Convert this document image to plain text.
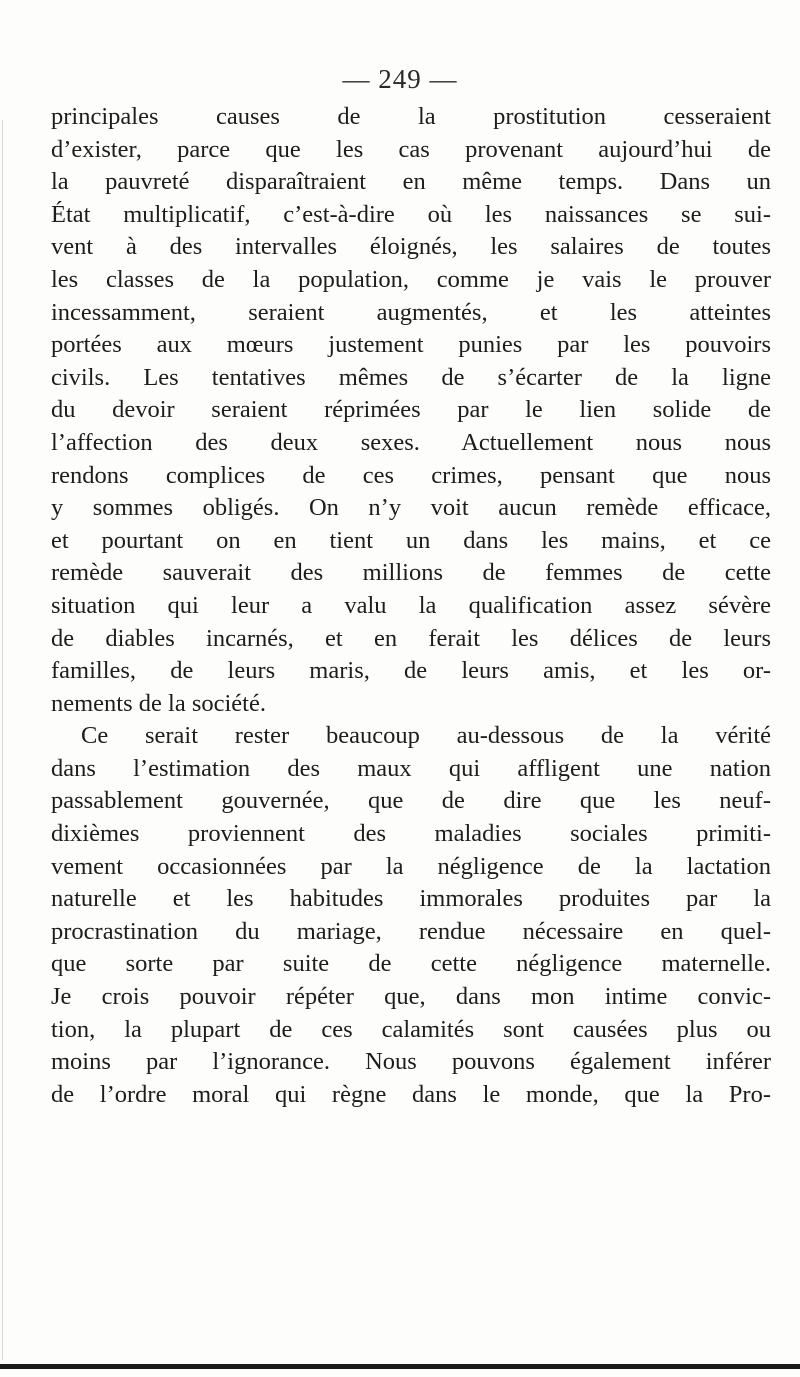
— 249 —
principales causes de la prostitution cesseraient
d’exister, parce que les cas provenant aujourd’hui de
la pauvreté disparaîtraient en même temps. Dans un
État multiplicatif, c’est-à-dire où les naissances se sui-
vent à des intervalles éloignés, les salaires de toutes
les classes de la population, comme je vais le prouver
incessamment, seraient augmentés, et les atteintes
portées aux mœurs justement punies par les pouvoirs
civils. Les tentatives mêmes de s’écarter de la ligne
du devoir seraient réprimées par le lien solide de
l’affection des deux sexes. Actuellement nous nous
rendons complices de ces crimes, pensant que nous
y sommes obligés. On n’y voit aucun remède efficace,
et pourtant on en tient un dans les mains, et ce
remède sauverait des millions de femmes de cette
situation qui leur a valu la qualification assez sévère
de diables incarnés, et en ferait les délices de leurs
familles, de leurs maris, de leurs amis, et les or-
nements de la société.
Ce serait rester beaucoup au-dessous de la vérité
dans l’estimation des maux qui affligent une nation
passablement gouvernée, que de dire que les neuf-
dixièmes proviennent des maladies sociales primiti-
vement occasionnées par la négligence de la lactation
naturelle et les habitudes immorales produites par la
procrastination du mariage, rendue nécessaire en quel-
que sorte par suite de cette négligence maternelle.
Je crois pouvoir répéter que, dans mon intime convic-
tion, la plupart de ces calamités sont causées plus ou
moins par l’ignorance. Nous pouvons également inférer
de l’ordre moral qui règne dans le monde, que la Pro-
